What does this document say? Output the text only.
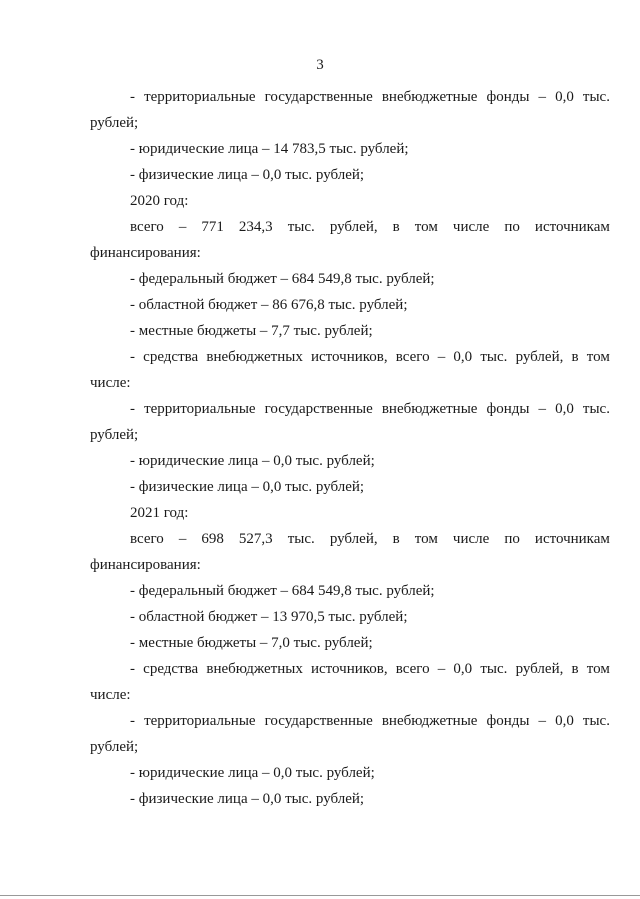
3
- территориальные государственные внебюджетные фонды – 0,0 тыс.
рублей;
- юридические лица – 14 783,5 тыс. рублей;
- физические лица – 0,0 тыс. рублей;
2020 год:
всего – 771 234,3 тыс. рублей, в том числе по источникам
финансирования:
- федеральный бюджет – 684 549,8 тыс. рублей;
- областной бюджет – 86 676,8 тыс. рублей;
- местные бюджеты – 7,7 тыс. рублей;
- средства внебюджетных источников, всего – 0,0 тыс. рублей, в том
числе:
- территориальные государственные внебюджетные фонды – 0,0 тыс.
рублей;
- юридические лица – 0,0 тыс. рублей;
- физические лица – 0,0 тыс. рублей;
2021 год:
всего – 698 527,3 тыс. рублей, в том числе по источникам
финансирования:
- федеральный бюджет – 684 549,8 тыс. рублей;
- областной бюджет – 13 970,5 тыс. рублей;
- местные бюджеты – 7,0 тыс. рублей;
- средства внебюджетных источников, всего – 0,0 тыс. рублей, в том
числе:
- территориальные государственные внебюджетные фонды – 0,0 тыс.
рублей;
- юридические лица – 0,0 тыс. рублей;
- физические лица – 0,0 тыс. рублей;
